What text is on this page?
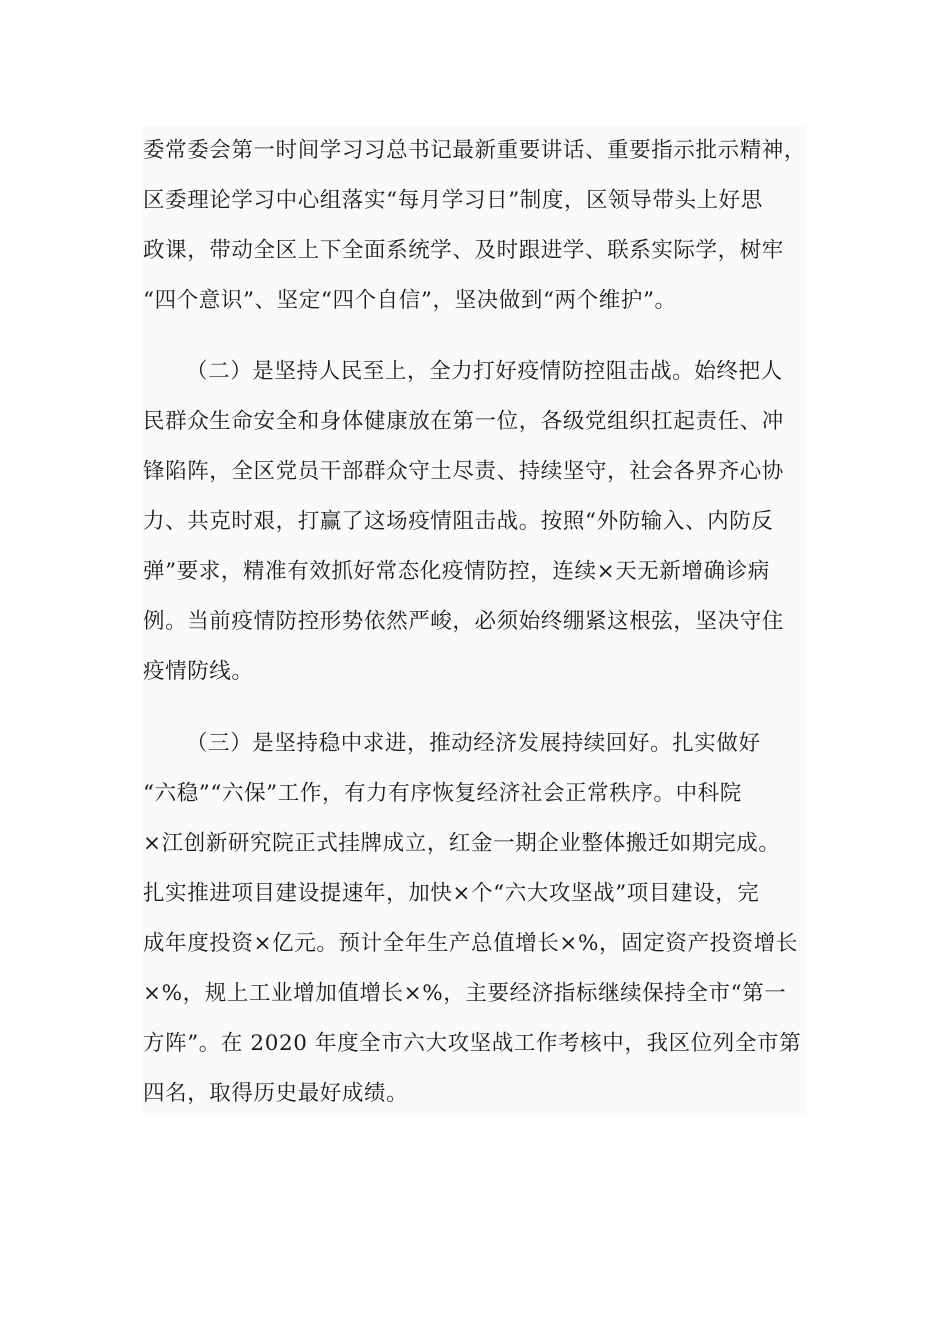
委常委会第一时间学习习总书记最新重要讲话、重要指示批示精神，
区委理论学习中心组落实“每月学习日”制度，区领导带头上好思
政课，带动全区上下全面系统学、及时跟进学、联系实际学，树牢
“四个意识”、坚定“四个自信”，坚决做到“两个维护”。

（二）是坚持人民至上，全力打好疫情防控阻击战。始终把人
民群众生命安全和身体健康放在第一位，各级党组织扛起责任、冲
锋陷阵，全区党员干部群众守土尽责、持续坚守，社会各界齐心协
力、共克时艰，打赢了这场疫情阻击战。按照“外防输入、内防反
弹”要求，精准有效抓好常态化疫情防控，连续×天无新增确诊病
例。当前疫情防控形势依然严峻，必须始终绷紧这根弦，坚决守住
疫情防线。

（三）是坚持稳中求进，推动经济发展持续回好。扎实做好
“六稳”“六保”工作，有力有序恢复经济社会正常秩序。中科院
×江创新研究院正式挂牌成立，红金一期企业整体搬迁如期完成。
扎实推进项目建设提速年，加快×个“六大攻坚战”项目建设，完
成年度投资×亿元。预计全年生产总值增长×%，固定资产投资增长
×%，规上工业增加值增长×%，主要经济指标继续保持全市“第一
方阵”。在 2020 年度全市六大攻坚战工作考核中，我区位列全市第
四名，取得历史最好成绩。
